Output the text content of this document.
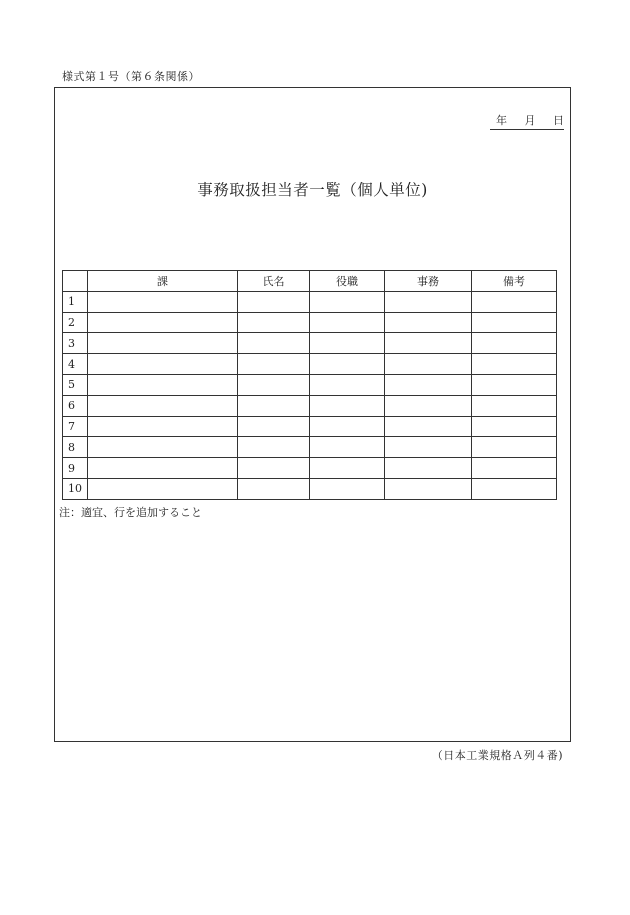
様式第１号（第６条関係）
年 月 日
事務取扱担当者一覧（個人単位)
	課	氏名	役職	事務	備考
1					
2					
3					
4					
5					
6					
7					
8					
9					
10					
注：適宜、行を追加すること
（日本工業規格Ａ列４番)
